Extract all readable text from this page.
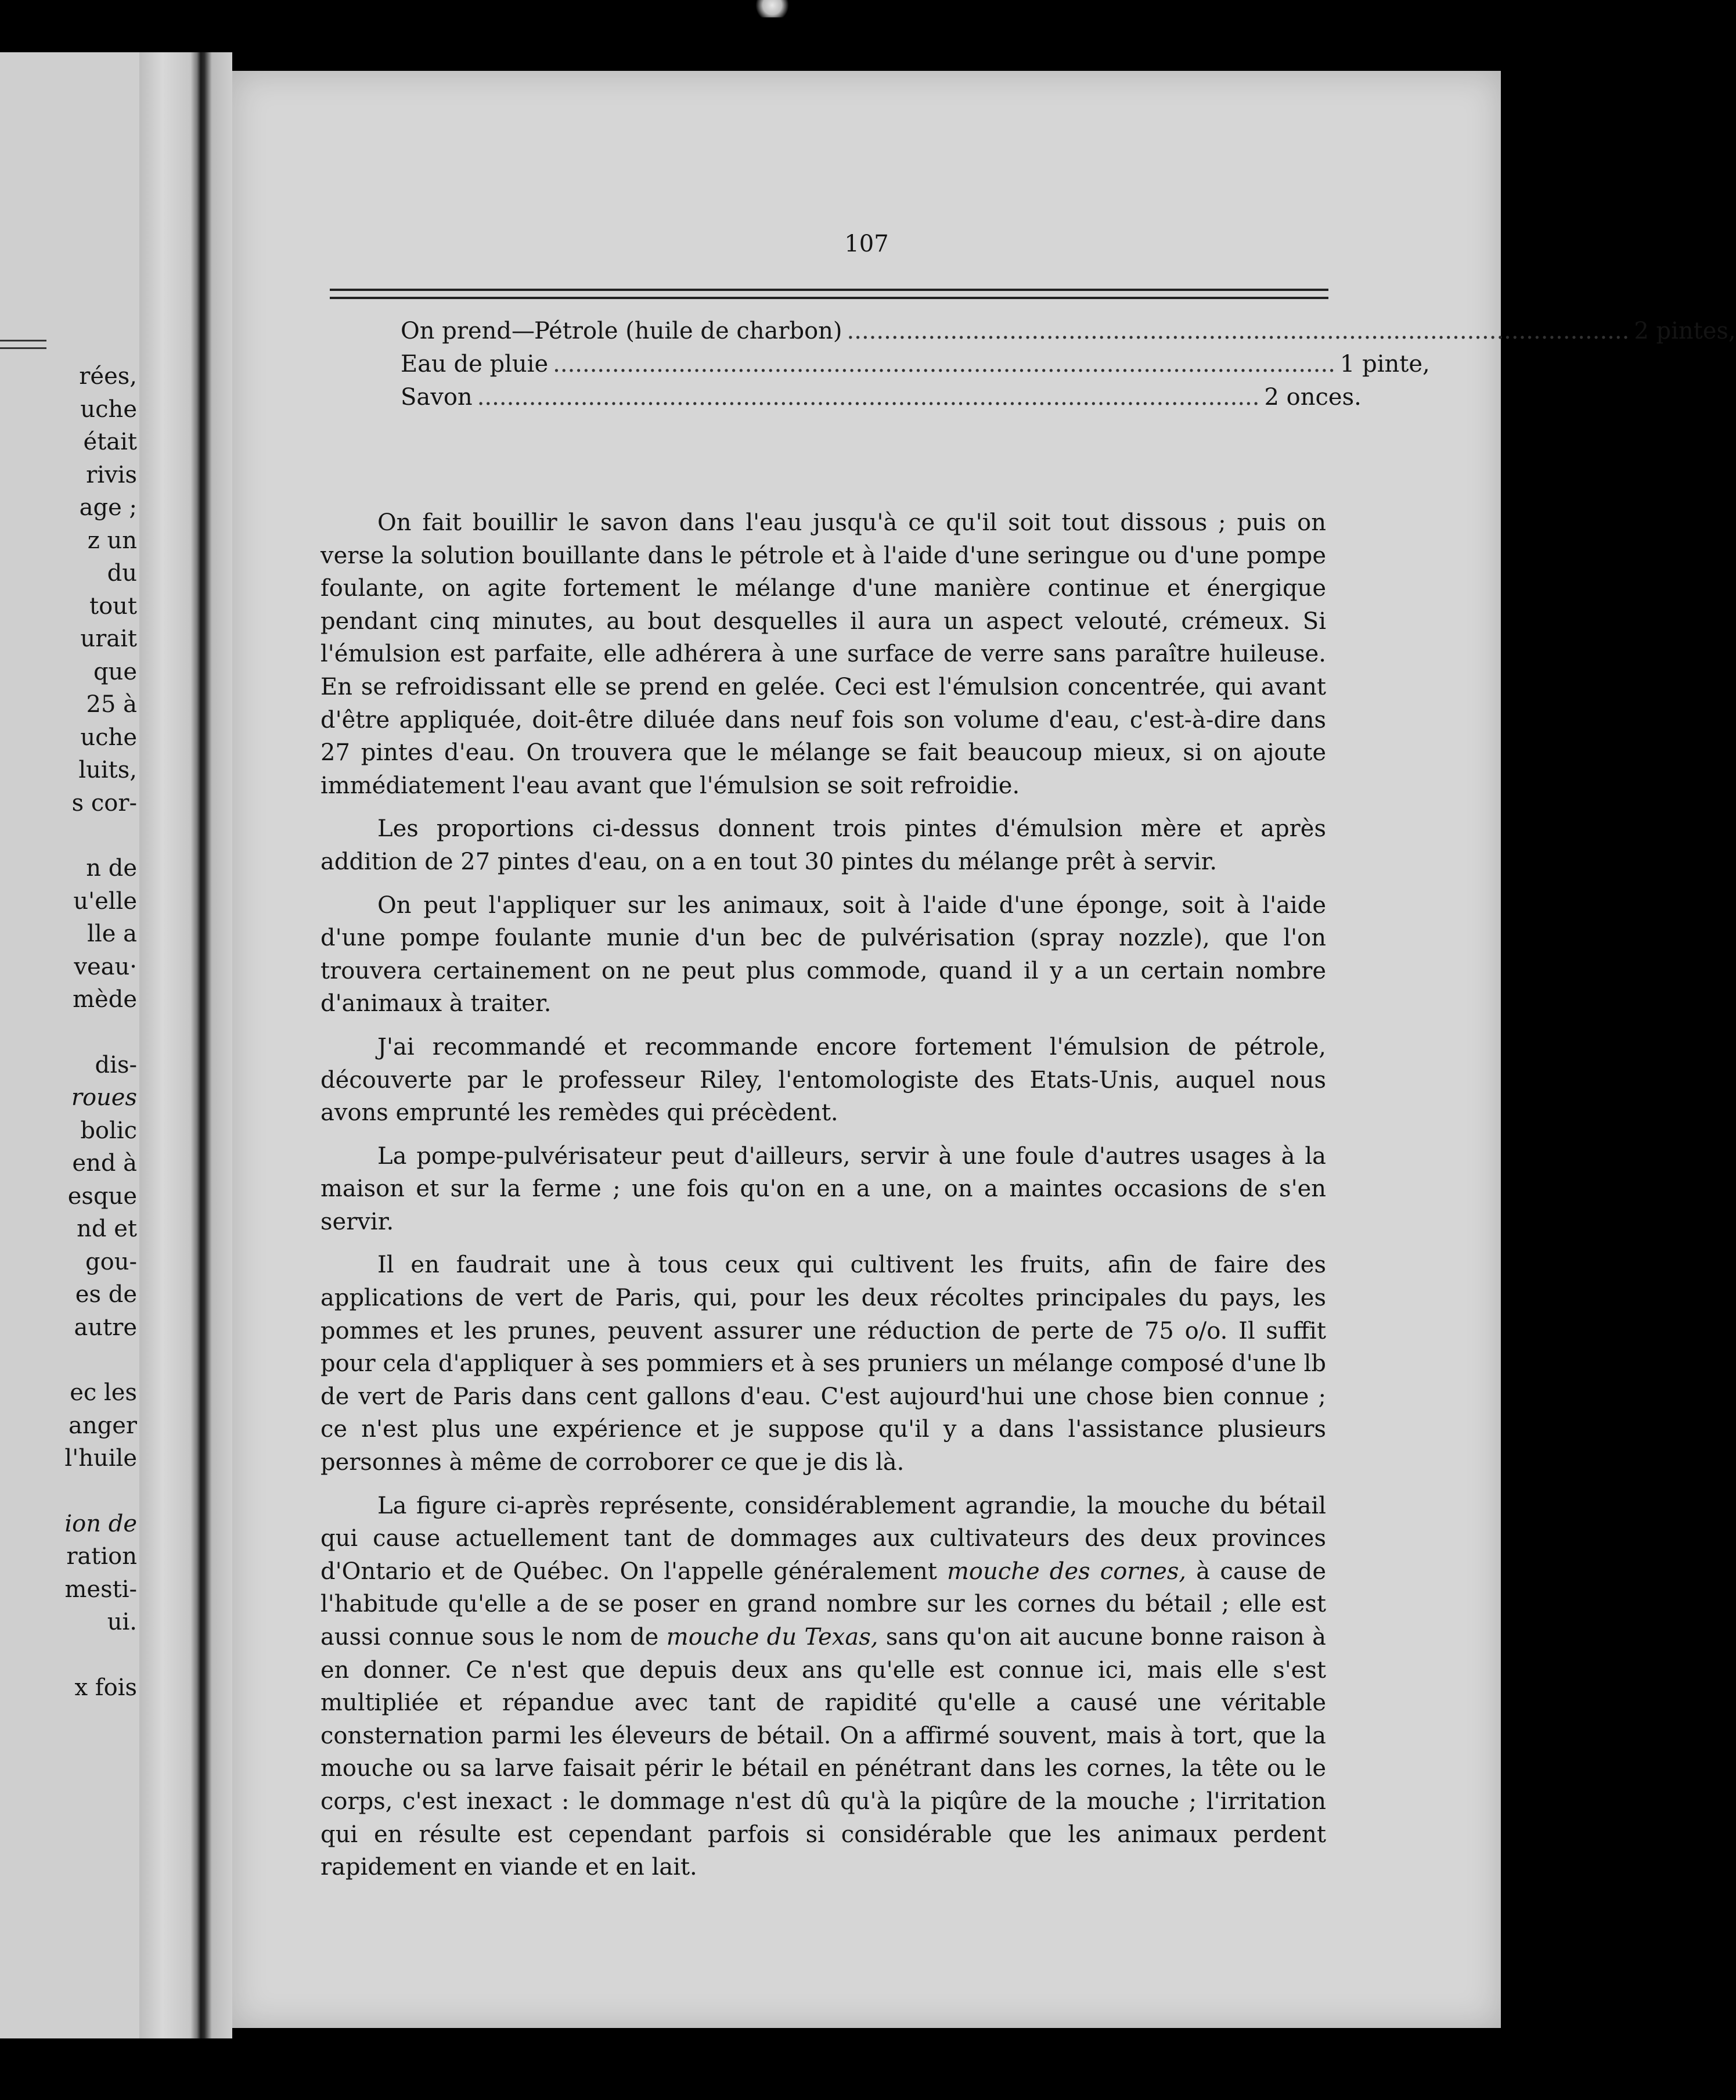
rées,
uche
était
rivis
age ;
z un
du
tout
urait
que
25 à
uche
luits,
s cor-
n de
u'elle
lle a
veau·
mède
dis-
roues
bolic
end à
esque
nd et
gou-
es de
autre
ec les
anger
l'huile
ion de
ration
mesti-
ui.
x fois
107
On prend—
Pétrole (huile de charbon) .......................................................................................................... 2 pintes,
Eau de pluie .......................................................................................................... 1 pinte,
Savon .......................................................................................................... 2 onces.

On fait bouillir le savon dans l'eau jusqu'à ce qu'il soit tout dissous ; puis on verse la solution bouillante dans le pétrole et à l'aide d'une seringue ou d'une pompe foulante, on agite fortement le mélange d'une manière continue et énergique pendant cinq minutes, au bout desquelles il aura un aspect velouté, crémeux. Si l'émulsion est parfaite, elle adhérera à une surface de verre sans paraître huileuse. En se refroidissant elle se prend en gelée. Ceci est l'émulsion concentrée, qui avant d'être appliquée, doit-être diluée dans neuf fois son volume d'eau, c'est-à-dire dans 27 pintes d'eau. On trouvera que le mélange se fait beaucoup mieux, si on ajoute immédiatement l'eau avant que l'émulsion se soit refroidie.

Les proportions ci-dessus donnent trois pintes d'émulsion mère et après addition de 27 pintes d'eau, on a en tout 30 pintes du mélange prêt à servir.

On peut l'appliquer sur les animaux, soit à l'aide d'une éponge, soit à l'aide d'une pompe foulante munie d'un bec de pulvérisation (spray nozzle), que l'on trouvera certainement on ne peut plus commode, quand il y a un certain nombre d'animaux à traiter.

J'ai recommandé et recommande encore fortement l'émulsion de pétrole, découverte par le professeur Riley, l'entomologiste des Etats-Unis, auquel nous avons emprunté les remèdes qui précèdent.

La pompe-pulvérisateur peut d'ailleurs, servir à une foule d'autres usages à la maison et sur la ferme ; une fois qu'on en a une, on a maintes occasions de s'en servir.

Il en faudrait une à tous ceux qui cultivent les fruits, afin de faire des applications de vert de Paris, qui, pour les deux récoltes principales du pays, les pommes et les prunes, peuvent assurer une réduction de perte de 75 o/o. Il suffit pour cela d'appliquer à ses pommiers et à ses pruniers un mélange composé d'une lb de vert de Paris dans cent gallons d'eau. C'est aujourd'hui une chose bien connue ; ce n'est plus une expérience et je suppose qu'il y a dans l'assistance plusieurs personnes à même de corroborer ce que je dis là.

La figure ci-après représente, considérablement agrandie, la mouche du bétail qui cause actuellement tant de dommages aux cultivateurs des deux provinces d'Ontario et de Québec. On l'appelle généralement mouche des cornes, à cause de l'habitude qu'elle a de se poser en grand nombre sur les cornes du bétail ; elle est aussi connue sous le nom de mouche du Texas, sans qu'on ait aucune bonne raison à en donner. Ce n'est que depuis deux ans qu'elle est connue ici, mais elle s'est multipliée et répandue avec tant de rapidité qu'elle a causé une véritable consternation parmi les éleveurs de bétail. On a affirmé souvent, mais à tort, que la mouche ou sa larve faisait périr le bétail en pénétrant dans les cornes, la tête ou le corps, c'est inexact : le dommage n'est dû qu'à la piqûre de la mouche ; l'irritation qui en résulte est cependant parfois si considérable que les animaux perdent rapidement en viande et en lait.
